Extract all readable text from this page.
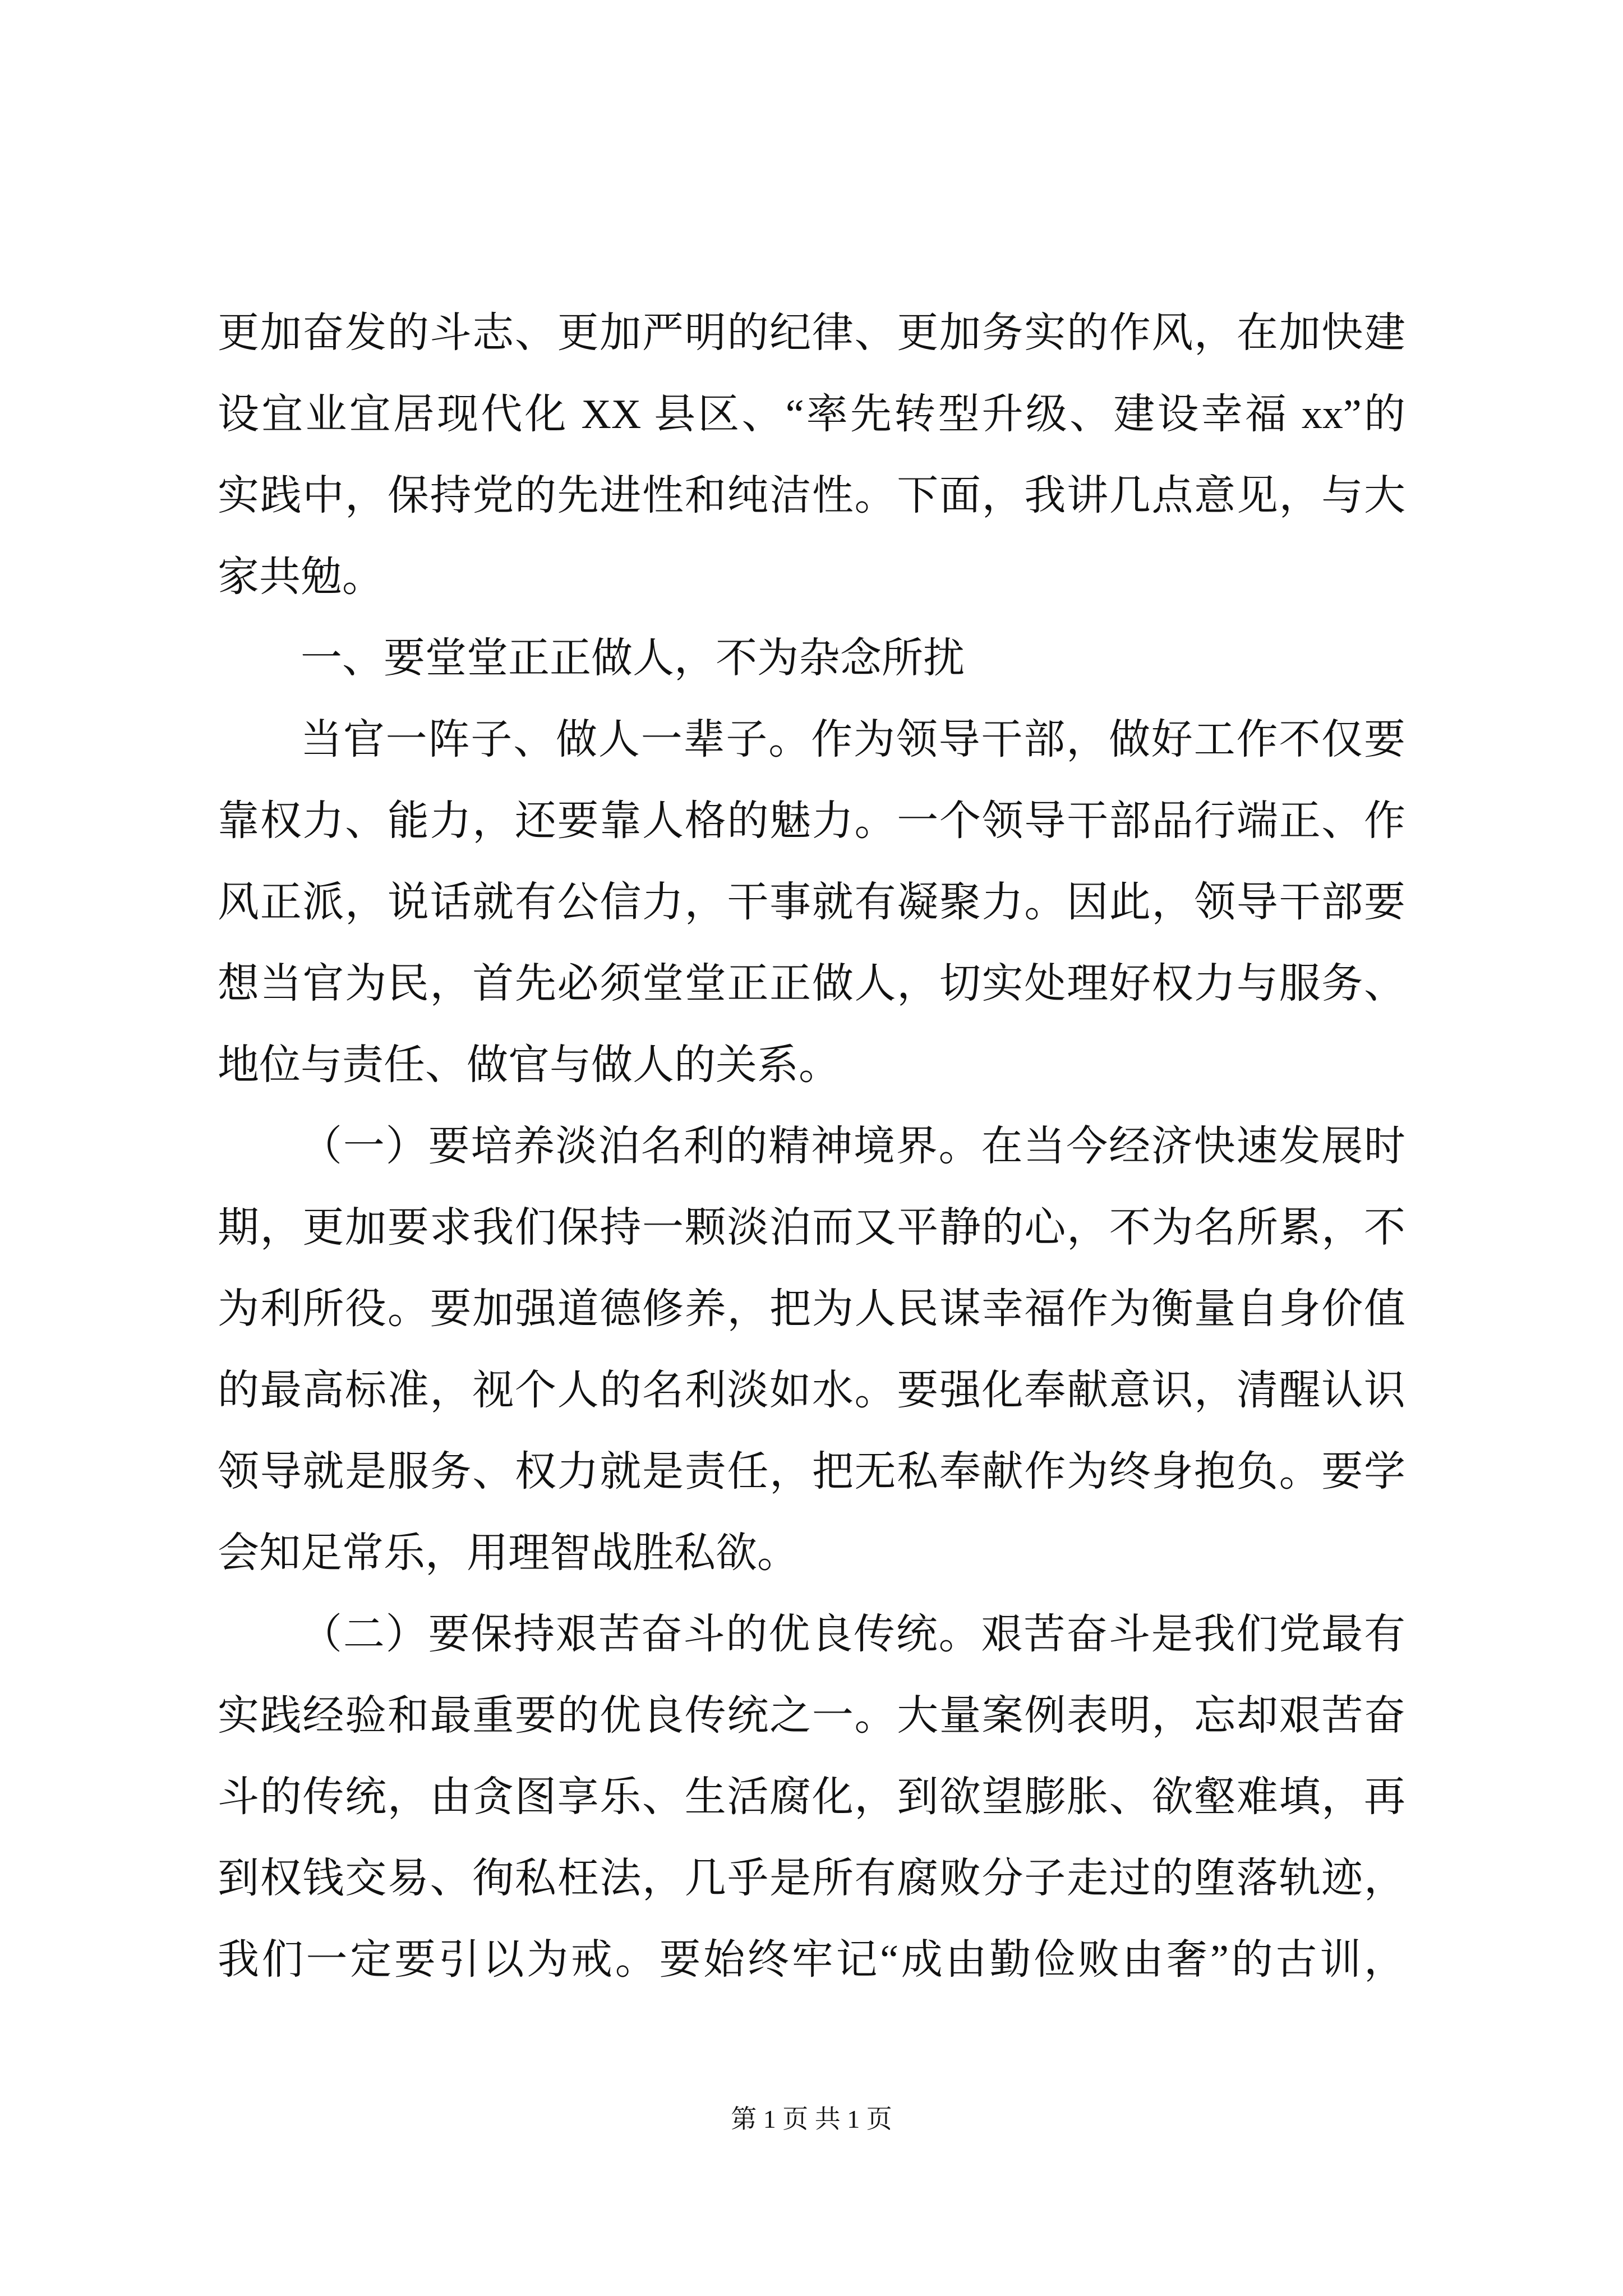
更加奋发的斗志、更加严明的纪律、更加务实的作风，在加快建
设宜业宜居现代化 XX 县区、“率先转型升级、建设幸福 xx”的
实践中，保持党的先进性和纯洁性。下面，我讲几点意见，与大
家共勉。
一、要堂堂正正做人，不为杂念所扰
当官一阵子、做人一辈子。作为领导干部，做好工作不仅要
靠权力、能力，还要靠人格的魅力。一个领导干部品行端正、作
风正派，说话就有公信力，干事就有凝聚力。因此，领导干部要
想当官为民，首先必须堂堂正正做人，切实处理好权力与服务、
地位与责任、做官与做人的关系。
（一）要培养淡泊名利的精神境界。在当今经济快速发展时
期，更加要求我们保持一颗淡泊而又平静的心，不为名所累，不
为利所役。要加强道德修养，把为人民谋幸福作为衡量自身价值
的最高标准，视个人的名利淡如水。要强化奉献意识，清醒认识
领导就是服务、权力就是责任，把无私奉献作为终身抱负。要学
会知足常乐，用理智战胜私欲。
（二）要保持艰苦奋斗的优良传统。艰苦奋斗是我们党最有
实践经验和最重要的优良传统之一。大量案例表明，忘却艰苦奋
斗的传统，由贪图享乐、生活腐化，到欲望膨胀、欲壑难填，再
到权钱交易、徇私枉法，几乎是所有腐败分子走过的堕落轨迹，
我们一定要引以为戒。要始终牢记“成由勤俭败由奢”的古训，
第 1 页 共 1 页
